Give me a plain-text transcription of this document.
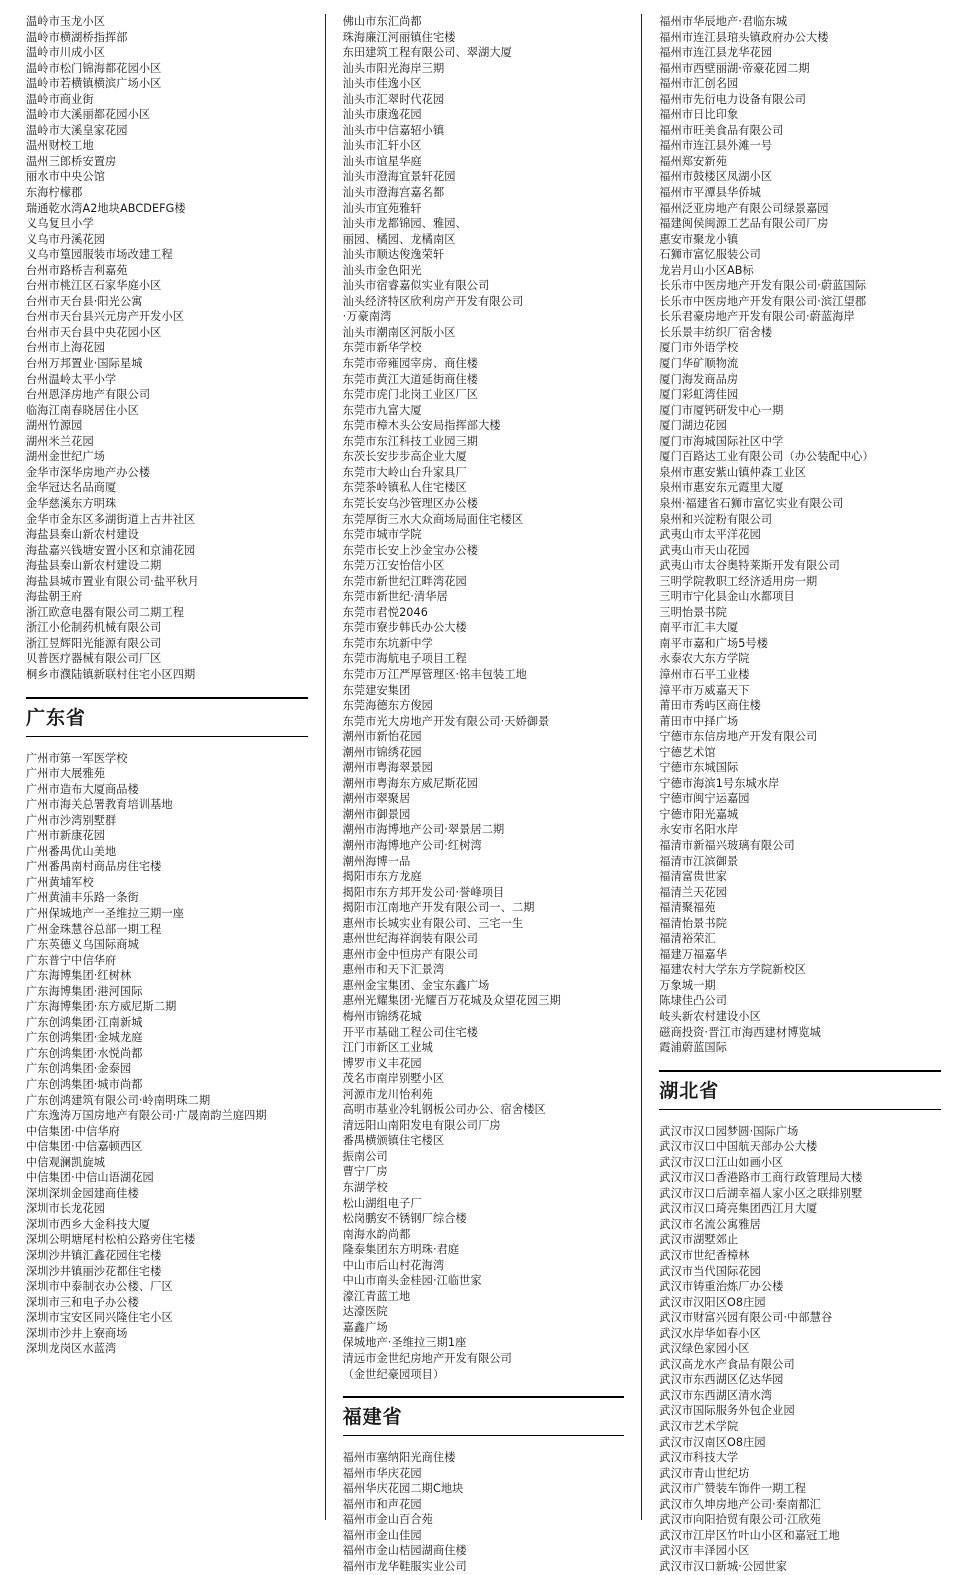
温岭市玉龙小区
温岭市横湖桥指挥部
温岭市川成小区
温岭市松门锦海都花园小区
温岭市若横镇横滨广场小区
温岭市商业街
温岭市大溪丽都花园小区
温岭市大溪皇家花园
温州财校工地
温州三郎桥安置房
丽水市中央公馆
东海柠檬郡
瑞通乾水湾A2地块ABCDEFG楼
义乌复旦小学
义乌市丹溪花园
义乌市篁园服装市场改建工程
台州市路桥吉利嘉苑
台州市桃江区石家华庭小区
台州市天台县·阳光公寓
台州市天台县兴元房产开发小区
台州市天台县中央花园小区
台州市上海花园
台州万邦置业·国际星城
台州温岭太平小学
台州恩泽房地产有限公司
临海江南春晓居住小区
湖州竹源园
湖州米兰花园
湖州金世纪广场
金华市深华房地产办公楼
金华冠达名品商厦
金华慈溪东方明珠
金华市金东区多湖街道上古井社区
海盐县秦山新农村建设
海盐嘉兴钱塘安置小区和京浦花园
海盐县秦山新农村建设二期
海盐县城市置业有限公司·盐平秋月
海盐朝王府
浙江欧意电器有限公司二期工程
浙江小伦制药机械有限公司
浙江昱辉阳光能源有限公司
贝普医疗器械有限公司厂区
桐乡市濮陆镇新联村住宅小区四期
广东省
广州市第一军医学校
广州市大展雅苑
广州市造布大厦商品楼
广州市海关总署教育培训基地
广州市沙湾别墅群
广州市新康花园
广州番禺优山美地
广州番禺南村商品房住宅楼
广州黄埔军校
广州黄浦丰乐路一条街
广州保城地产一圣维拉三期一座
广州金珠慧谷总部一期工程
广东英德义乌国际商城
广东普宁中信华府
广东海博集团·红树林
广东海博集团·港河国际
广东海博集团·东方威尼斯二期
广东创鸿集团·江南新城
广东创鸿集团·金城龙庭
广东创鸿集团·水悦尚都
广东创鸿集团·金泰园
广东创鸿集团·城市尚都
广东创鸿建筑有限公司·岭南明珠二期
广东逸涛万国房地产有限公司·广晟南韵兰庭四期
中信集团·中信华府
中信集团·中信嘉顿西区
中信观澜凯旋城
中信集团·中信山语湖花园
深圳深圳金园建商佳楼
深圳市长龙花园
深圳市西乡大金科技大厦
深圳公明塘尾村松柏公路旁住宅楼
深圳沙井镇汇鑫花园住宅楼
深圳沙井镇丽沙花都住宅楼
深圳市中泰制衣办公楼、厂区
深圳市三和电子办公楼
深圳市宝安区同兴隆住宅小区
深圳市沙井上寮商场
深圳龙岗区水蓝湾
佛山市东汇尚都
珠海廉江河丽镇住宅楼
东田建筑工程有限公司、翠湖大厦
汕头市阳光海岸三期
汕头市佳逸小区
汕头市汇翠时代花园
汕头市康逸花园
汕头市中信嘉轺小镇
汕头市汇轩小区
汕头市谊星华庭
汕头市澄海宜景轩花园
汕头市澄海宫嘉名都
汕头市宜苑雅轩
汕头市龙都锦园、雅园、
丽园、橘园、龙橘南区
汕头市顺达俊逸荣轩
汕头市金色阳光
汕头市宿睿嘉似实业有限公司
汕头经济特区欣利房产开发有限公司
·万豪南湾
汕头市潮南区河版小区
东莞市新华学校
东莞市帝雍园宰房、商住楼
东莞市黄江大道延街商住楼
东莞市虎门北岗工业区厂区
东莞市九富大厦
东莞市樟木头公安局指挥部大楼
东莞市东江科技工业园三期
东茨长安步步高企业大厦
东莞市大岭山台升家具厂
东莞茶岭镇私人住宅楼区
东莞长安乌沙管理区办公楼
东莞厚街三水大众商场局面住宅楼区
东莞市城市学院
东莞市长安上沙金宝办公楼
东莞万江安怡信小区
东莞市新世纪江畔湾花园
东莞市新世纪·清华居
东莞市君悦2046
东莞市寮步韩氏办公大楼
东莞市东坑新中学
东莞市海航电子项目工程
东莞市万江严厚管理区·铭丰包装工地
东莞建安集团
东莞海德东方俊园
东莞市光大房地产开发有限公司·天娇御景
潮州市新怡花园
潮州市锦绣花园
潮州市粤海翠景园
潮州市粤海东方威尼斯花园
潮州市翠聚居
潮州市御景园
潮州市海博地产公司·翠景居二期
潮州市海博地产公司·红树湾
潮州海博一品
揭阳市东方龙庭
揭阳市东方邦开发公司·誉峰项目
揭阳市江南地产开发有限公司一、二期
惠州市长城实业有限公司、三宅一生
惠州世纪海祥润装有限公司
惠州市金中恒房产有限公司
惠州市和天下汇景湾
惠州金宝集团、金宝东鑫广场
惠州光耀集团·光耀百万花城及众望花园三期
梅州市锦绣花城
开平市基础工程公司住宅楼
江门市新区工业城
博罗市义丰花园
茂名市南岸别墅小区
河源市龙川怡利苑
高明市基业冷轧钢板公司办公、宿舍楼区
清远阳山南阳发电有限公司厂房
番禺横颁镇住宅楼区
振南公司
曹宁厂房
东湖学校
松山湖组电子厂
松岗鹏安不锈钢厂综合楼
南海水韵尚都
隆泰集团东方明珠·君庭
中山市后山村花海湾
中山市南头金桂园·江临世家
濠江青蓝工地
达濠医院
嘉鑫广场
保城地产·圣维拉三期1座
清远市金世纪房地产开发有限公司
（金世纪豪园项目）
福建省
福州市塞纳阳光商住楼
福州市华庆花园
福州华庆花园二期C地块
福州市和声花园
福州市金山百合苑
福州市金山佳园
福州市金山桔园湖商住楼
福州市龙华鞋服实业公司
福州市华辰地产·君临东城
福州市连江县琯头镇政府办公大楼
福州市连江县龙华花园
福州市西壁丽湖·帝豪花园二期
福州市汇创名园
福州市先衍电力设备有限公司
福州市日比印象
福州市旺美食品有限公司
福州市连江县外滩一号
福州郑安新苑
福州市鼓楼区凤湖小区
福州市平潭县华侨城
福州泛亚房地产有限公司绿景嘉园
福建闽侯闽源工艺品有限公司厂房
惠安市聚龙小镇
石狮市富忆服装公司
龙岩月山小区AB标
长乐市中医房地产开发有限公司·蔚蓝国际
长乐市中医房地产开发有限公司·滨江望郡
长乐君豪房地产开发有限公司·蔚蓝海岸
长乐景丰纺织厂宿舍楼
厦门市外语学校
厦门华矿顺物流
厦门海发商品房
厦门彩虹湾佳园
厦门市厦钙研发中心一期
厦门湖边花园
厦门市海城国际社区中学
厦门百路达工业有限公司（办公装配中心）
泉州市惠安紫山镇仲森工业区
泉州市惠安东元霞里大厦
泉州·福建省石狮市富忆实业有限公司
泉州和兴淀粉有限公司
武夷山市太平洋花园
武夷山市天山花园
武夷山市太谷奥特莱斯开发有限公司
三明学院教职工经济适用房一期
三明市宁化县金山水都项目
三明怡景书院
南平市汇丰大厦
南平市嘉和广场5号楼
永泰农大东方学院
漳州市石平工业楼
漳平市万威嘉天下
莆田市秀屿区商住楼
莆田市中择广场
宁德市东信房地产开发有限公司
宁德艺术馆
宁德市东城国际
宁德市海滨1号东城水岸
宁德市闽宁运嘉园
宁德市阳光嘉城
永安市名阳水岸
福清市新福兴玻璃有限公司
福清市江滨御景
福清富贵世家
福清兰天花园
福清聚福苑
福清怡景书院
福清裕荣汇
福建万福嘉华
福建农村大学东方学院新校区
万象城一期
陈埭佳凸公司
岐头新农村建设小区
磁商投资·晋江市海西建材博览城
霞浦蔚蓝国际
湖北省
武汉市汉口园梦圆·国际广场
武汉市汉口中国航天部办公大楼
武汉市汉口江山如画小区
武汉市汉口香港路市工商行政管理局大楼
武汉市汉口后湖幸福人家小区之联排别墅
武汉市汉口琦亮集团西江月大厦
武汉市名流公寓雅居
武汉市湖墅郊止
武汉市世纪香樟林
武汉市当代国际花园
武汉市铸重治炼厂办公楼
武汉市汉阳区O8庄园
武汉市财富兴园有限公司·中部慧谷
武汉水岸华如春小区
武汉绿色家园小区
武汉高龙水产食品有限公司
武汉市东西湖区亿达华园
武汉市东西湖区清水湾
武汉市国际服务外包企业园
武汉市艺术学院
武汉市汉南区O8庄园
武汉市科技大学
武汉市青山世纪坊
武汉市广赞装车饰件一期工程
武汉市久坤房地产公司·秦南都汇
武汉市向阳拾贸有限公司·江欣苑
武汉市江岸区竹叶山小区和嘉冠工地
武汉市丰泽园小区
武汉市汉口新城·公园世家
